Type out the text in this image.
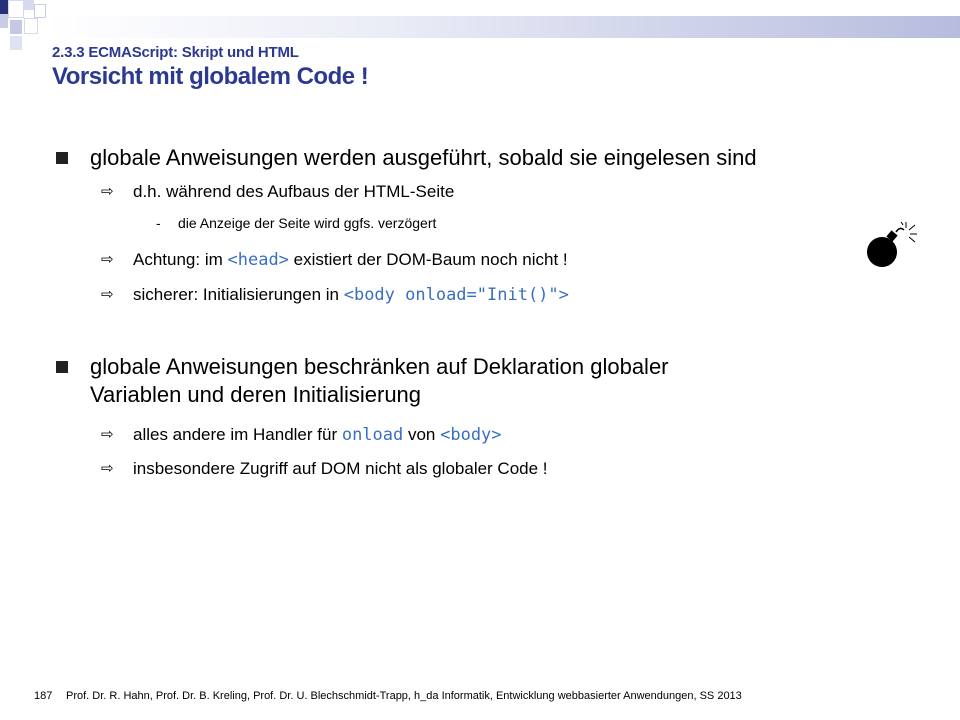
2.3.3 ECMAScript: Skript und HTML
Vorsicht mit globalem Code !
globale Anweisungen werden ausgeführt, sobald sie eingelesen sind
⇨ d.h. während des Aufbaus der HTML-Seite
- die Anzeige der Seite wird ggfs. verzögert
⇨ Achtung: im <head> existiert der DOM-Baum noch nicht !
⇨ sicherer: Initialisierungen in <body onload="Init()">
globale Anweisungen beschränken auf Deklaration globaler
Variablen und deren Initialisierung
⇨ alles andere im Handler für onload von <body>
⇨ insbesondere Zugriff auf DOM nicht als globaler Code !
187 Prof. Dr. R. Hahn, Prof. Dr. B. Kreling, Prof. Dr. U. Blechschmidt-Trapp, h_da Informatik, Entwicklung webbasierter Anwendungen, SS 2013
